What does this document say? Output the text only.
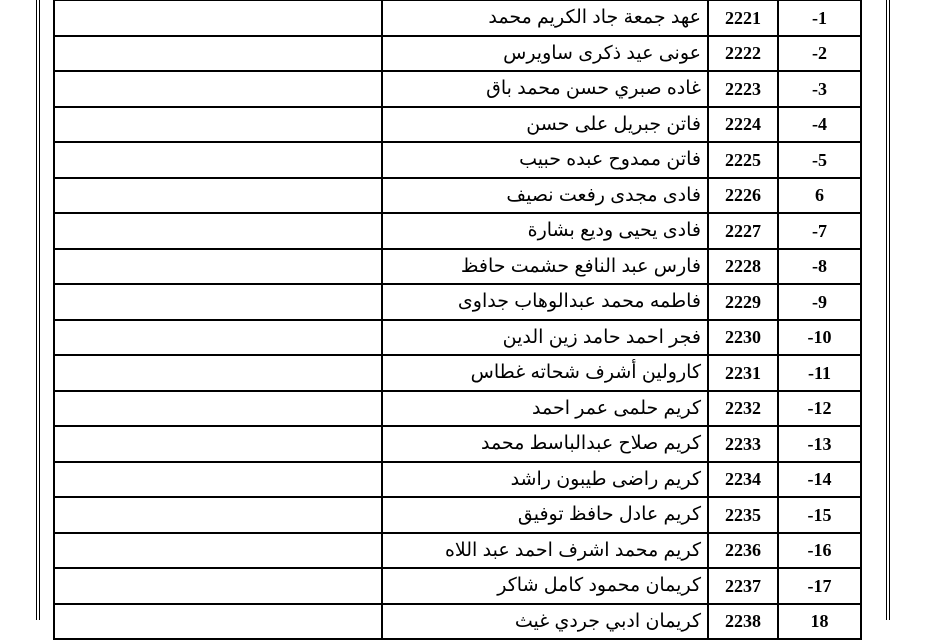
	عهد جمعة جاد الكريم محمد	2221	-1
	عونى عيد ذكرى ساويرس	2222	-2
	غاده صبري حسن محمد باق	2223	-3
	فاتن جبريل على حسن	2224	-4
	فاتن ممدوح عبده حبيب	2225	-5
	فادى مجدى رفعت نصيف	2226	6
	فادى يحيى وديع بشارة	2227	-7
	فارس عبد النافع حشمت حافظ	2228	-8
	فاطمه محمد عبدالوهاب جداوى	2229	-9
	فجر احمد حامد زين الدين	2230	-10
	كارولين أشرف شحاته غطاس	2231	-11
	كريم حلمى عمر احمد	2232	-12
	كريم صلاح عبدالباسط محمد	2233	-13
	كريم راضى طيبون راشد	2234	-14
	كريم عادل حافظ توفيق	2235	-15
	كريم محمد اشرف احمد عبد اللاه	2236	-16
	كريمان محمود كامل شاكر	2237	-17
	كريمان ادبي جردي غيث	2238	18
